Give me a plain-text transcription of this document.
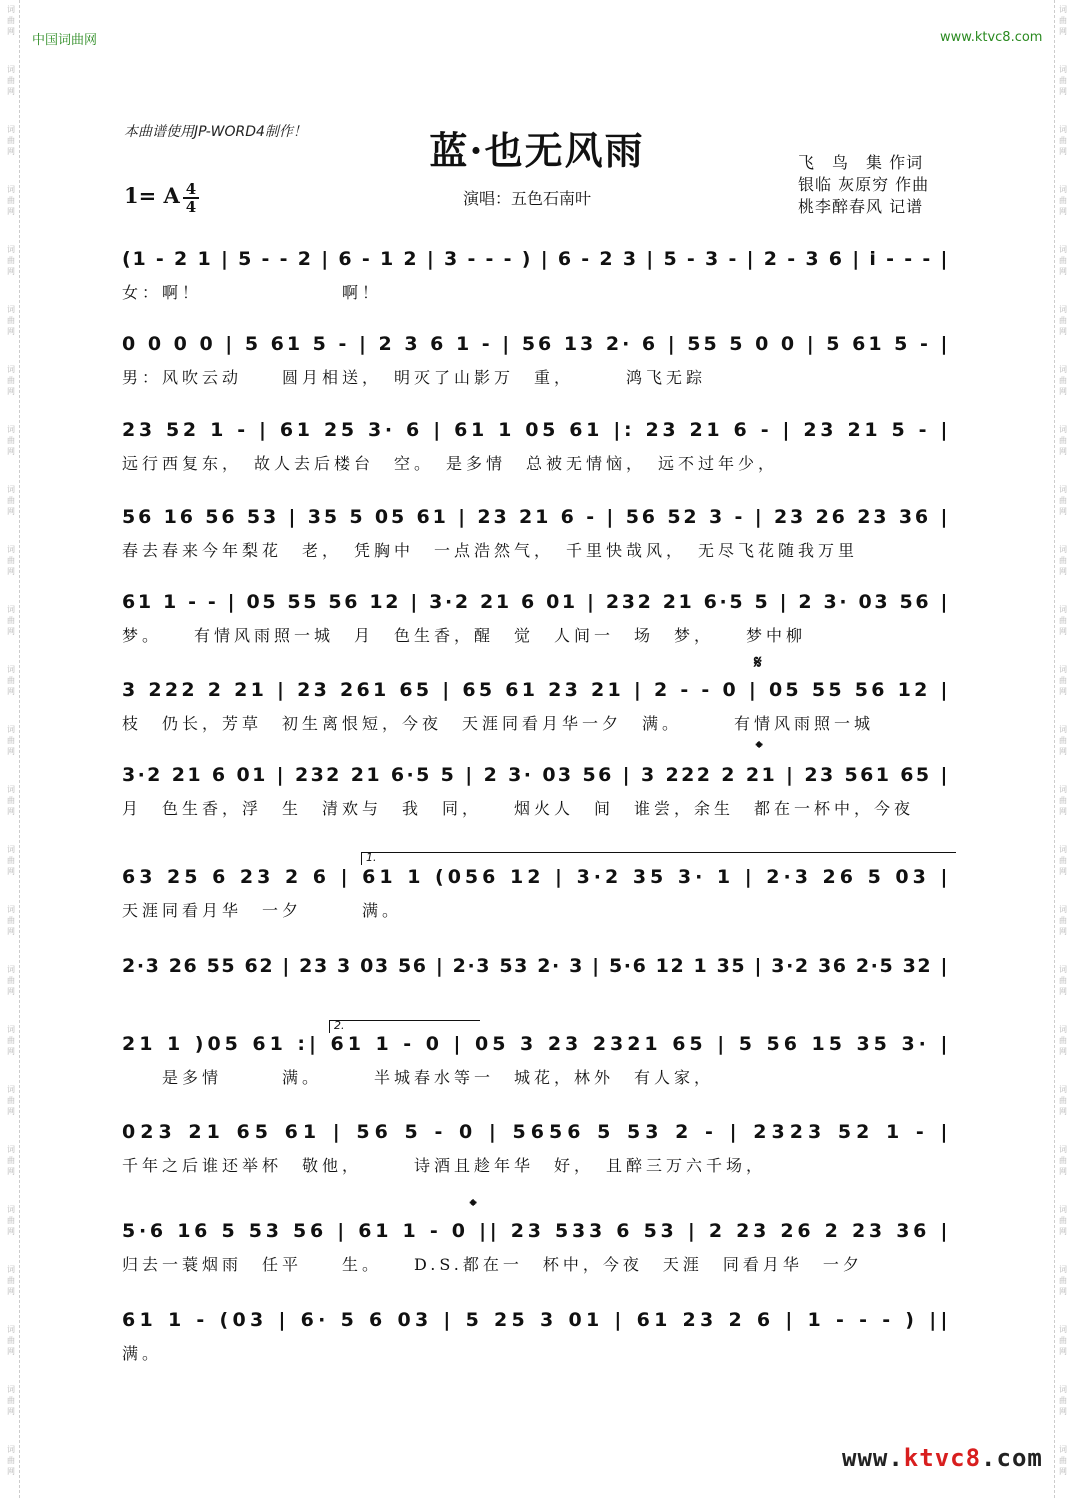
词
曲
网
词
曲
网
词
曲
网
词
曲
网
词
曲
网
词
曲
网
词
曲
网
词
曲
网
词
曲
网
词
曲
网
词
曲
网
词
曲
网
词
曲
网
词
曲
网
词
曲
网
词
曲
网
词
曲
网
词
曲
网
词
曲
网
词
曲
网
词
曲
网
词
曲
网
词
曲
网
词
曲
网
词
曲
网
词
曲
网
词
曲
网
词
曲
网
词
曲
网
词
曲
网
词
曲
网
词
曲
网
词
曲
网
词
曲
网
词
曲
网
词
曲
网
词
曲
网
词
曲
网
词
曲
网
词
曲
网
词
曲
网
词
曲
网
词
曲
网
词
曲
网
词
曲
网
词
曲
网
词
曲
网
词
曲
网
词
曲
网
词
曲
网
中国词曲网	www.ktvc8.com
本曲谱使用JP-WORD4制作！	蓝·也无风雨
1= A 4
4	演唱：五色石南叶
飞　鸟　集 作词
银临 灰原穷 作曲
桃李醉春风 记谱
(1 - 2 1 | 5 - - 2 | 6 - 1 2 | 3 - - - ) | 6 - 2 3 | 5 - 3 - | 2 - 3 6 | i - - - |
女：啊！　　　　　　　啊！
0 0 0 0 | 5 61 5 - | 2 3 6 1 - | 56 13 2· 6 | 55 5 0 0 | 5 61 5 - |
男：风吹云动　　圆月相送，　明灭了山影万　重，　　　鸿飞无踪
23 52 1 - | 61 25 3· 6 | 61 1 05 61 |: 23 21 6 - | 23 21 5 - |
远行西复东，　故人去后楼台　空。　是多情　总被无情恼，　远不过年少，
56 16 56 53 | 35 5 05 61 | 23 21 6 - | 56 52 3 - | 23 26 23 36 |
春去春来今年梨花　老，　凭胸中　一点浩然气，　千里快哉风，　无尽飞花随我万里
61 1 - - | 05 55 56 12 | 3·2 21 6 01 | 232 21 6·5 5 | 2 3· 03 56 |
梦。　　有情风雨照一城　月　色生香，醒　觉　人间一　场　梦，　　梦中柳
3 222 2 21 | 23 261 65 | 65 61 23 21 | 2 - - 0 | 05 55 56 12 |
枝　仍长，芳草　初生离恨短，今夜　天涯同看月华一夕　满。　　　有情风雨照一城
3·2 21 6 01 | 232 21 6·5 5 | 2 3· 03 56 | 3 222 2 21 | 23 561 65 |
月　色生香，浮　生　清欢与　我　同，　　烟火人　间　谁尝，余生　都在一杯中，今夜
63 25 6 23 2 6 | 61 1 (056 12 | 3·2 35 3· 1 | 2·3 26 5 03 |
天涯同看月华　一夕　　　满。
2·3 26 55 62 | 23 3 03 56 | 2·3 53 2· 3 | 5·6 12 1 35 | 3·2 36 2·5 32 |
21 1 )05 61 :| 61 1 - 0 | 05 3 23 2321 65 | 5 56 15 35 3· |
　　是多情　　　满。　　　半城春水等一　城花，林外　有人家，
023 21 65 61 | 56 5 - 0 | 5656 5 53 2 - | 2323 52 1 - |
千年之后谁还举杯　敬他，　　　诗酒且趁年华　好，　且醉三万六千场，
5·6 16 5 53 56 | 61 1 - 0 || 23 533 6 53 | 2 23 26 2 23 36 |
归去一蓑烟雨　任平　　生。　　D.S.都在一　杯中，今夜　天涯　同看月华　一夕
61 1 - (03 | 6· 5 6 03 | 5 25 3 01 | 61 23 2 6 | 1 - - - ) ||
满。
www.ktvc8.com
𝄋
𝄌
𝄌
1.
2.
